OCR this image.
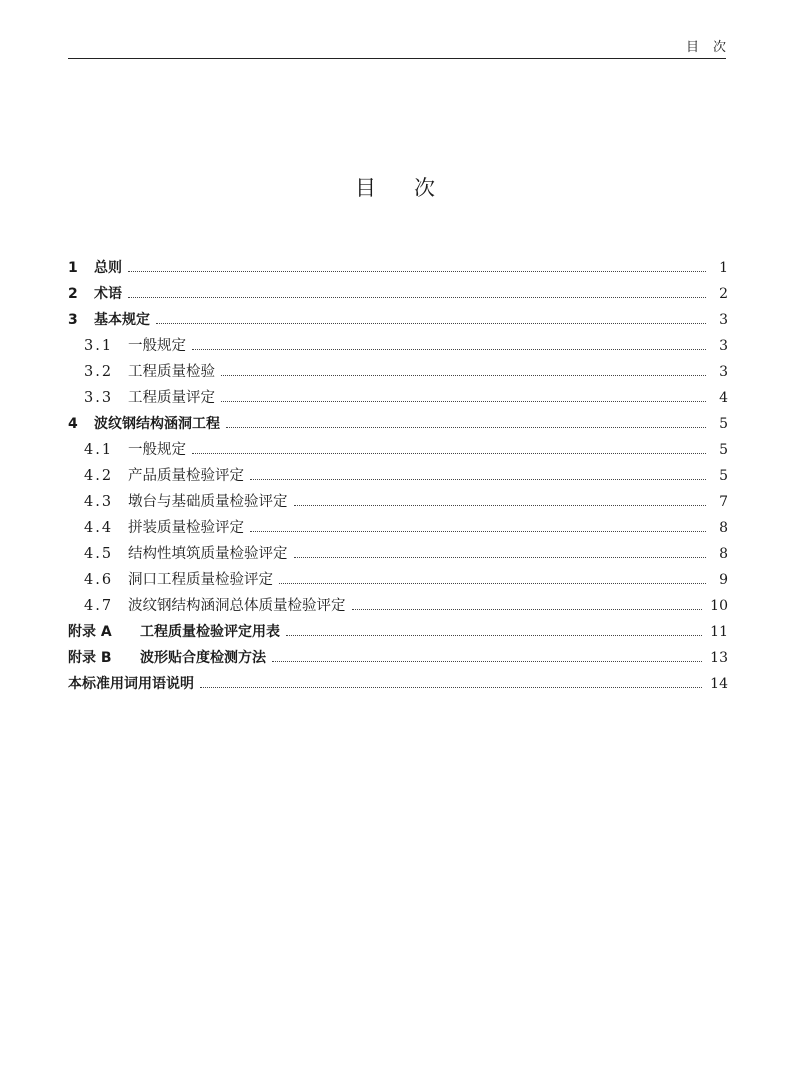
目次
目次
1	总则	1
2	术语	2
3	基本规定	3
3.1	一般规定	3
3.2	工程质量检验	3
3.3	工程质量评定	4
4	波纹钢结构涵洞工程	5
4.1	一般规定	5
4.2	产品质量检验评定	5
4.3	墩台与基础质量检验评定	7
4.4	拼装质量检验评定	8
4.5	结构性填筑质量检验评定	8
4.6	洞口工程质量检验评定	9
4.7	波纹钢结构涵洞总体质量检验评定	10
附录 A	工程质量检验评定用表	11
附录 B	波形贴合度检测方法	13
本标准用词用语说明	14
